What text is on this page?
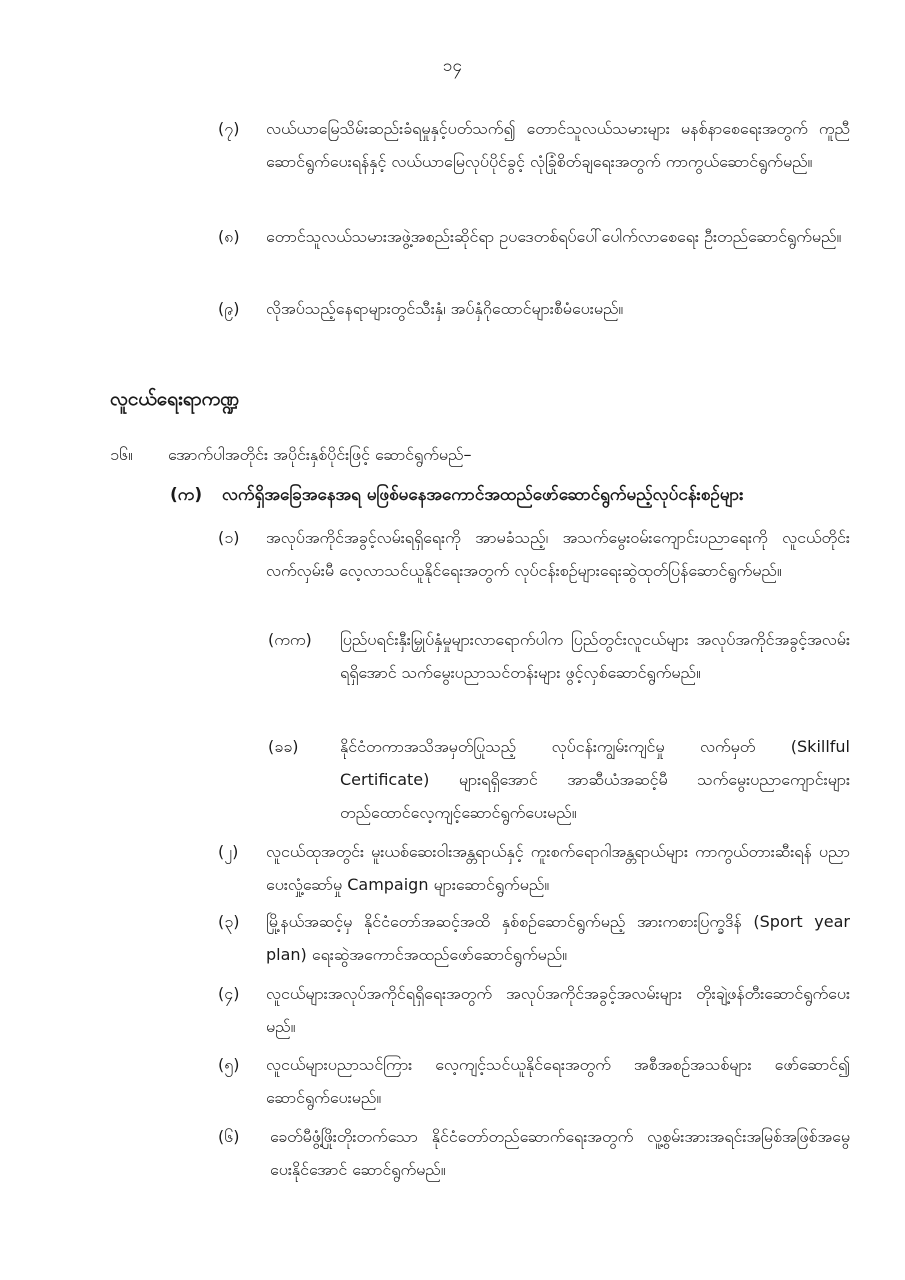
၁၄
(၇) လယ်ယာမြေသိမ်းဆည်းခံရမှုနှင့်ပတ်သက်၍ တောင်သူလယ်သမားများ မနစ်နာစေရေးအတွက် ကူညီဆောင်ရွက်ပေးရန်နှင့် လယ်ယာမြေလုပ်ပိုင်ခွင့် လုံခြုံစိတ်ချရေးအတွက် ကာကွယ်ဆောင်ရွက်မည်။
(၈) တောင်သူလယ်သမားအဖွဲ့အစည်းဆိုင်ရာ ဥပဒေတစ်ရပ်ပေါ်ပေါက်လာစေရေး ဦးတည်ဆောင်ရွက်မည်။
(၉) လိုအပ်သည့်နေရာများတွင်သီးနှံ၊ အပ်နှံဂိုထောင်များစီမံပေးမည်။
လူငယ်ရေးရာကဏ္ဍ
၁၆။ အောက်ပါအတိုင်း အပိုင်းနှစ်ပိုင်းဖြင့် ဆောင်ရွက်မည်–
(က) လက်ရှိအခြေအနေအရ မဖြစ်မနေအကောင်အထည်ဖော်ဆောင်ရွက်မည့်လုပ်ငန်းစဉ်များ
(၁) အလုပ်အကိုင်အခွင့်လမ်းရရှိရေးကို အာမခံသည့်၊ အသက်မွေးဝမ်းကျောင်းပညာရေးကို လူငယ်တိုင်းလက်လှမ်းမီ လေ့လာသင်ယူနိုင်ရေးအတွက် လုပ်ငန်းစဉ်များရေးဆွဲထုတ်ပြန်ဆောင်ရွက်မည်။
(ကက) ပြည်ပရင်းနှီးမြှုပ်နှံမှုများလာရောက်ပါက ပြည်တွင်းလူငယ်များ အလုပ်အကိုင်အခွင့်အလမ်းရရှိအောင် သက်မွေးပညာသင်တန်းများ ဖွင့်လှစ်ဆောင်ရွက်မည်။
(ခခ)	နိုင်ငံတကာအသိအမှတ်ပြုသည့် လုပ်ငန်းကျွမ်းကျင်မှု လက်မှတ် (Skillful Certificate) များရရှိအောင် အာဆီယံအဆင့်မီ သက်မွေးပညာကျောင်းများ တည်ထောင်လေ့ကျင့်ဆောင်ရွက်ပေးမည်။
(၂) လူငယ်ထုအတွင်း မူးယစ်ဆေးဝါးအန္တရာယ်နှင့် ကူးစက်ရောဂါအန္တရာယ်များ ကာကွယ်တားဆီးရန် ပညာပေးလှုံ့ဆော်မှု Campaign များဆောင်ရွက်မည်။
(၃) မြို့နယ်အဆင့်မှ နိုင်ငံတော်အဆင့်အထိ နှစ်စဉ်ဆောင်ရွက်မည့် အားကစားပြက္ခဒိန် (Sport year plan) ရေးဆွဲအကောင်အထည်ဖော်ဆောင်ရွက်မည်။
(၄) လူငယ်များအလုပ်အကိုင်ရရှိရေးအတွက် အလုပ်အကိုင်အခွင့်အလမ်းများ တိုးချဲ့ဖန်တီးဆောင်ရွက်ပေးမည်။
(၅) လူငယ်များပညာသင်ကြား လေ့ကျင့်သင်ယူနိုင်ရေးအတွက် အစီအစဉ်အသစ်များ ဖော်ဆောင်၍ ဆောင်ရွက်ပေးမည်။
(၆) ခေတ်မီဖွံ့ဖြိုးတိုးတက်သော နိုင်ငံတော်တည်ဆောက်ရေးအတွက် လူ့စွမ်းအားအရင်းအမြစ်အဖြစ်အမွေပေးနိုင်အောင် ဆောင်ရွက်မည်။
